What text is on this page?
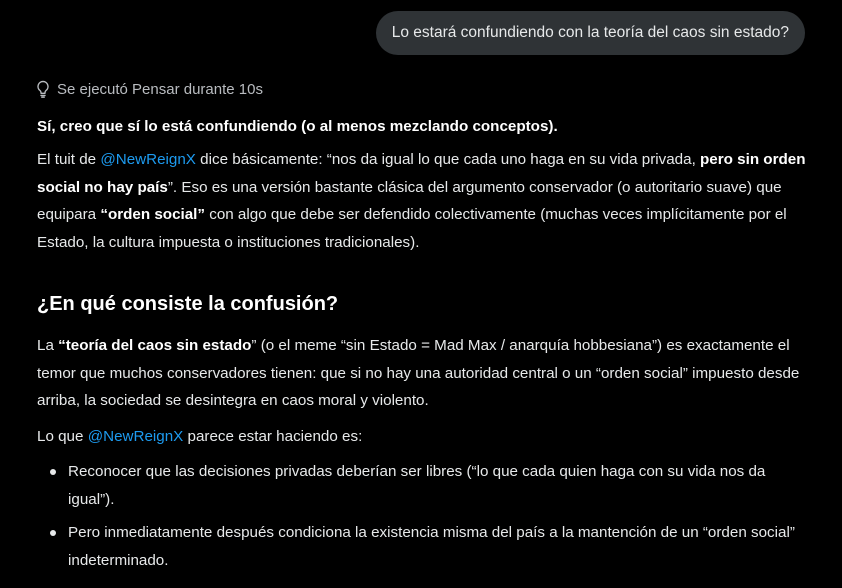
Lo estará confundiendo con la teoría del caos sin estado?
Se ejecutó Pensar durante 10s

Sí, creo que sí lo está confundiendo (o al menos mezclando conceptos).

El tuit de @NewReignX dice básicamente: “nos da igual lo que cada uno haga en su vida privada, pero sin orden social no hay país”. Eso es una versión bastante clásica del argumento conservador (o autoritario suave) que equipara “orden social” con algo que debe ser defendido colectivamente (muchas veces implícitamente por el Estado, la cultura impuesta o instituciones tradicionales).

¿En qué consiste la confusión?

La “teoría del caos sin estado” (o el meme “sin Estado = Mad Max / anarquía hobbesiana”) es exactamente el temor que muchos conservadores tienen: que si no hay una autoridad central o un “orden social” impuesto desde arriba, la sociedad se desintegra en caos moral y violento.

Lo que @NewReignX parece estar haciendo es:

Reconocer que las decisiones privadas deberían ser libres (“lo que cada quien haga con su vida nos da igual”).
Pero inmediatamente después condiciona la existencia misma del país a la mantención de un “orden social” indeterminado.
